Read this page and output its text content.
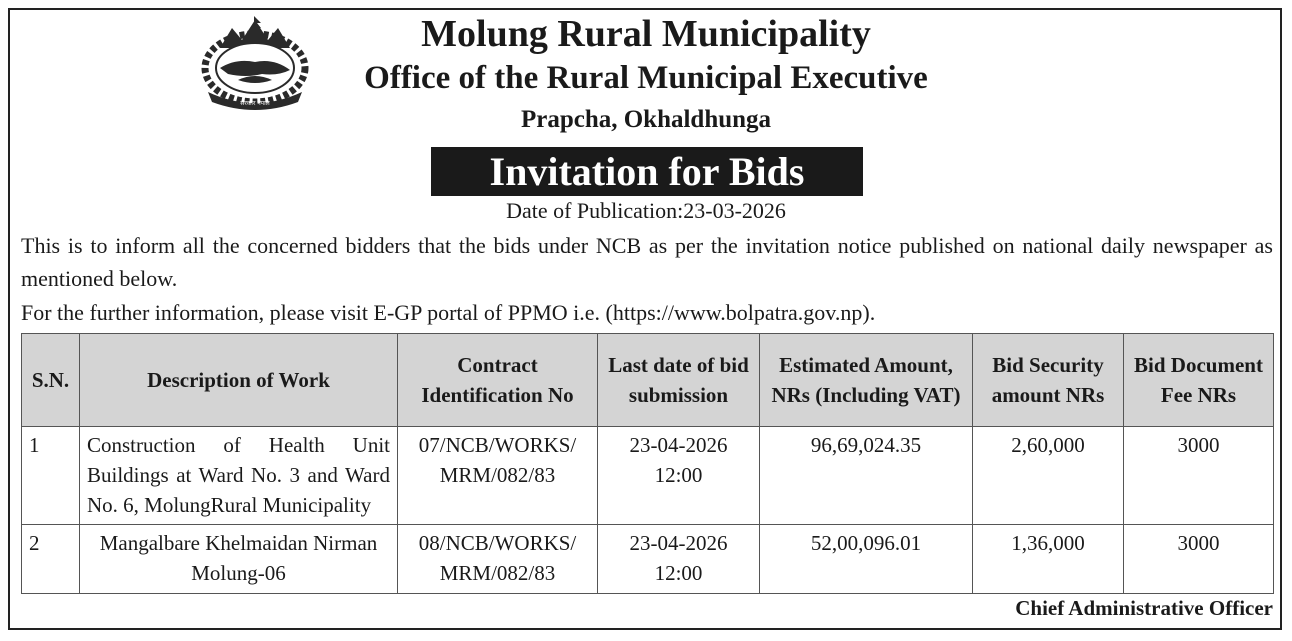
सरकार नेपाल
Molung Rural Municipality
Office of the Rural Municipal Executive
Prapcha, Okhaldhunga
Invitation for Bids
Date of Publication:23-03-2026
This is to inform all the concerned bidders that the bids under NCB as per the invitation notice published on national daily newspaper as mentioned below.
For the further information, please visit E-GP portal of PPMO i.e. (https://www.bolpatra.gov.np).
S.N.	Description of Work	Contract Identification No	Last date of bid submission	Estimated Amount, NRs (Including VAT)	Bid Security amount NRs	Bid Document Fee NRs
1	Construction of Health Unit Buildings at Ward No. 3 and Ward No. 6, MolungRural Municipality	07/NCB/WORKS/ MRM/082/83	23-04-2026 12:00	96,69,024.35	2,60,000	3000
2	Mangalbare Khelmaidan Nirman Molung-06	08/NCB/WORKS/ MRM/082/83	23-04-2026 12:00	52,00,096.01	1,36,000	3000
Chief Administrative Officer
